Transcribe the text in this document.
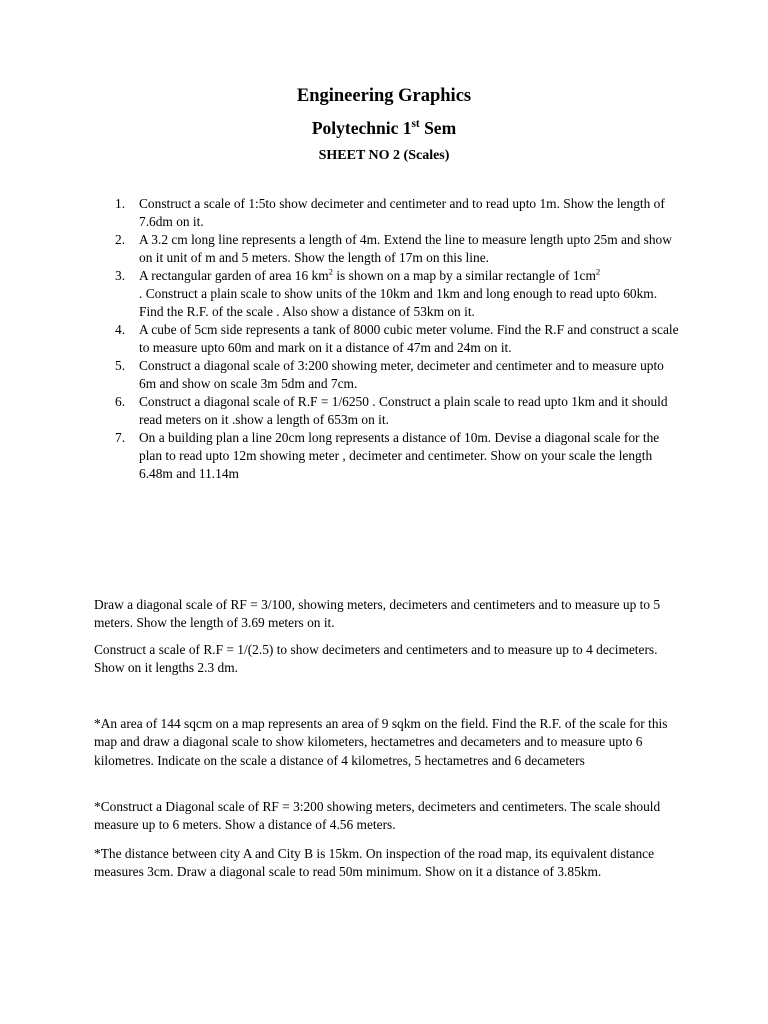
Engineering Graphics
Polytechnic 1st Sem
SHEET NO 2 (Scales)
1. Construct a scale of 1:5to show decimeter and centimeter and to read upto 1m. Show the length of 7.6dm on it.
2. A 3.2 cm long line represents a length of 4m. Extend the line to measure length upto 25m and show on it unit of m and 5 meters. Show the length of 17m on this line.
3. A rectangular garden of area 16 $km^2$ is shown on a map by a similar rectangle of $1cm^2$
. Construct a plain scale to show units of the 10km and 1km and long enough to read upto 60km. Find the R.F. of the scale . Also show a distance of 53km on it.
4. A cube of 5cm side represents a tank of 8000 cubic meter volume. Find the R.F and construct a scale to measure upto 60m and mark on it a distance of 47m and 24m on it.
5. Construct a diagonal scale of 3:200 showing meter, decimeter and centimeter and to measure upto 6m and show on scale 3m 5dm and 7cm.
6. Construct a diagonal scale of R.F = 1/6250 . Construct a plain scale to read upto 1km and it should read meters on it .show a length of 653m on it.
7. On a building plan a line 20cm long represents a distance of 10m. Devise a diagonal scale for the plan to read upto 12m showing meter , decimeter and centimeter. Show on your scale the length 6.48m and 11.14m

Draw a diagonal scale of RF = 3/100, showing meters, decimeters and centimeters and to measure up to 5 meters. Show the length of 3.69 meters on it.

Construct a scale of R.F = 1/(2.5) to show decimeters and centimeters and to measure up to 4 decimeters. Show on it lengths 2.3 dm.

*An area of 144 sqcm on a map represents an area of 9 sqkm on the field. Find the R.F. of the scale for this map and draw a diagonal scale to show kilometers, hectametres and decameters and to measure upto 6 kilometres. Indicate on the scale a distance of 4 kilometres, 5 hectametres and 6 decameters

*Construct a Diagonal scale of RF = 3:200 showing meters, decimeters and centimeters. The scale should measure up to 6 meters. Show a distance of 4.56 meters.

*The distance between city A and City B is 15km. On inspection of the road map, its equivalent distance measures 3cm. Draw a diagonal scale to read 50m minimum. Show on it a distance of 3.85km.
